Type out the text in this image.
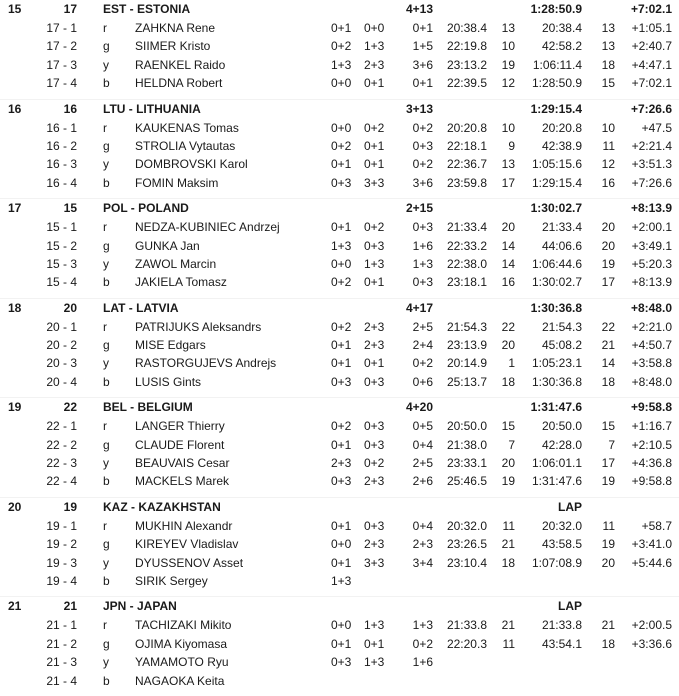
15	17 EST - ESTONIA	4+13	1:28:50.9	+7:02.1
17 - 1 r	ZAHKNA Rene	0+1	0+0	0+1	20:38.4	13	20:38.4	13	+1:05.1
17 - 2 g	SIIMER Kristo	0+2	1+3	1+5	22:19.8	10	42:58.2	13	+2:40.7
17 - 3 y	RAENKEL Raido	1+3	2+3	3+6	23:13.2	19	1:06:11.4	18	+4:47.1
17 - 4 b	HELDNA Robert	0+0	0+1	0+1	22:39.5	12	1:28:50.9	15	+7:02.1
16	16 LTU - LITHUANIA	3+13	1:29:15.4	+7:26.6
16 - 1 r	KAUKENAS Tomas	0+0	0+2	0+2	20:20.8	10	20:20.8	10	+47.5
16 - 2 g	STROLIA Vytautas	0+2	0+1	0+3	22:18.1	9	42:38.9	11	+2:21.4
16 - 3 y	DOMBROVSKI Karol	0+1	0+1	0+2	22:36.7	13	1:05:15.6	12	+3:51.3
16 - 4 b	FOMIN Maksim	0+3	3+3	3+6	23:59.8	17	1:29:15.4	16	+7:26.6
17	15 POL - POLAND	2+15	1:30:02.7	+8:13.9
15 - 1 r	NEDZA-KUBINIEC Andrzej	0+1	0+2	0+3	21:33.4	20	21:33.4	20	+2:00.1
15 - 2 g	GUNKA Jan	1+3	0+3	1+6	22:33.2	14	44:06.6	20	+3:49.1
15 - 3 y	ZAWOL Marcin	0+0	1+3	1+3	22:38.0	14	1:06:44.6	19	+5:20.3
15 - 4 b	JAKIELA Tomasz	0+2	0+1	0+3	23:18.1	16	1:30:02.7	17	+8:13.9
18	20 LAT - LATVIA	4+17	1:30:36.8	+8:48.0
20 - 1 r	PATRIJUKS Aleksandrs	0+2	2+3	2+5	21:54.3	22	21:54.3	22	+2:21.0
20 - 2 g	MISE Edgars	0+1	2+3	2+4	23:13.9	20	45:08.2	21	+4:50.7
20 - 3 y	RASTORGUJEVS Andrejs	0+1	0+1	0+2	20:14.9	1	1:05:23.1	14	+3:58.8
20 - 4 b	LUSIS Gints	0+3	0+3	0+6	25:13.7	18	1:30:36.8	18	+8:48.0
19	22 BEL - BELGIUM	4+20	1:31:47.6	+9:58.8
22 - 1 r	LANGER Thierry	0+2	0+3	0+5	20:50.0	15	20:50.0	15	+1:16.7
22 - 2 g	CLAUDE Florent	0+1	0+3	0+4	21:38.0	7	42:28.0	7	+2:10.5
22 - 3 y	BEAUVAIS Cesar	2+3	0+2	2+5	23:33.1	20	1:06:01.1	17	+4:36.8
22 - 4 b	MACKELS Marek	0+3	2+3	2+6	25:46.5	19	1:31:47.6	19	+9:58.8
20	19 KAZ - KAZAKHSTAN	LAP
19 - 1 r	MUKHIN Alexandr	0+1	0+3	0+4	20:32.0	11	20:32.0	11	+58.7
19 - 2 g	KIREYEV Vladislav	0+0	2+3	2+3	23:26.5	21	43:58.5	19	+3:41.0
19 - 3 y	DYUSSENOV Asset	0+1	3+3	3+4	23:10.4	18	1:07:08.9	20	+5:44.6
19 - 4 b	SIRIK Sergey	1+3
21	21 JPN - JAPAN	LAP
21 - 1 r	TACHIZAKI Mikito	0+0	1+3	1+3	21:33.8	21	21:33.8	21	+2:00.5
21 - 2 g	OJIMA Kiyomasa	0+1	0+1	0+2	22:20.3	11	43:54.1	18	+3:36.6
21 - 3 y	YAMAMOTO Ryu	0+3	1+3	1+6
21 - 4 b	NAGAOKA Keita
